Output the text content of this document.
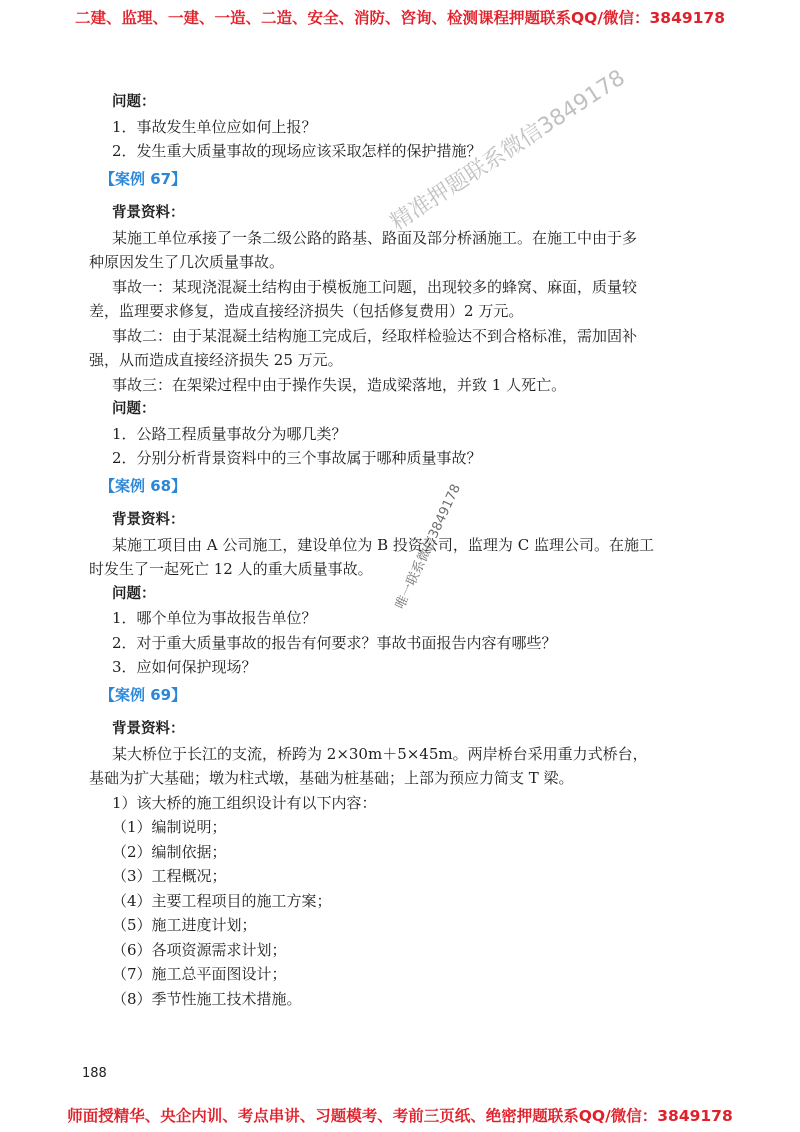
二建、监理、一建、一造、二造、安全、消防、咨询、检测课程押题联系QQ/微信：3849178
问题：
1．事故发生单位应如何上报？
2．发生重大质量事故的现场应该采取怎样的保护措施？
【案例 67】
背景资料：
某施工单位承接了一条二级公路的路基、路面及部分桥涵施工。在施工中由于多
种原因发生了几次质量事故。
事故一：某现浇混凝土结构由于模板施工问题，出现较多的蜂窝、麻面，质量较
差，监理要求修复，造成直接经济损失（包括修复费用）2 万元。
事故二：由于某混凝土结构施工完成后，经取样检验达不到合格标准，需加固补
强，从而造成直接经济损失 25 万元。
事故三：在架梁过程中由于操作失误，造成梁落地，并致 1 人死亡。
问题：
1．公路工程质量事故分为哪几类？
2．分别分析背景资料中的三个事故属于哪种质量事故？
【案例 68】
背景资料：
某施工项目由 A 公司施工，建设单位为 B 投资公司，监理为 C 监理公司。在施工
时发生了一起死亡 12 人的重大质量事故。
问题：
1．哪个单位为事故报告单位？
2．对于重大质量事故的报告有何要求？事故书面报告内容有哪些？
3．应如何保护现场？
【案例 69】
背景资料：
某大桥位于长江的支流，桥跨为 2×30m＋5×45m。两岸桥台采用重力式桥台，
基础为扩大基础；墩为柱式墩，基础为桩基础；上部为预应力简支 T 梁。
1）该大桥的施工组织设计有以下内容：
（1）编制说明；
（2）编制依据；
（3）工程概况；
（4）主要工程项目的施工方案；
（5）施工进度计划；
（6）各项资源需求计划；
（7）施工总平面图设计；
（8）季节性施工技术措施。
精准押题联系微信3849178
唯一联系微信3849178
188
师面授精华、央企内训、考点串讲、习题模考、考前三页纸、绝密押题联系QQ/微信：3849178
